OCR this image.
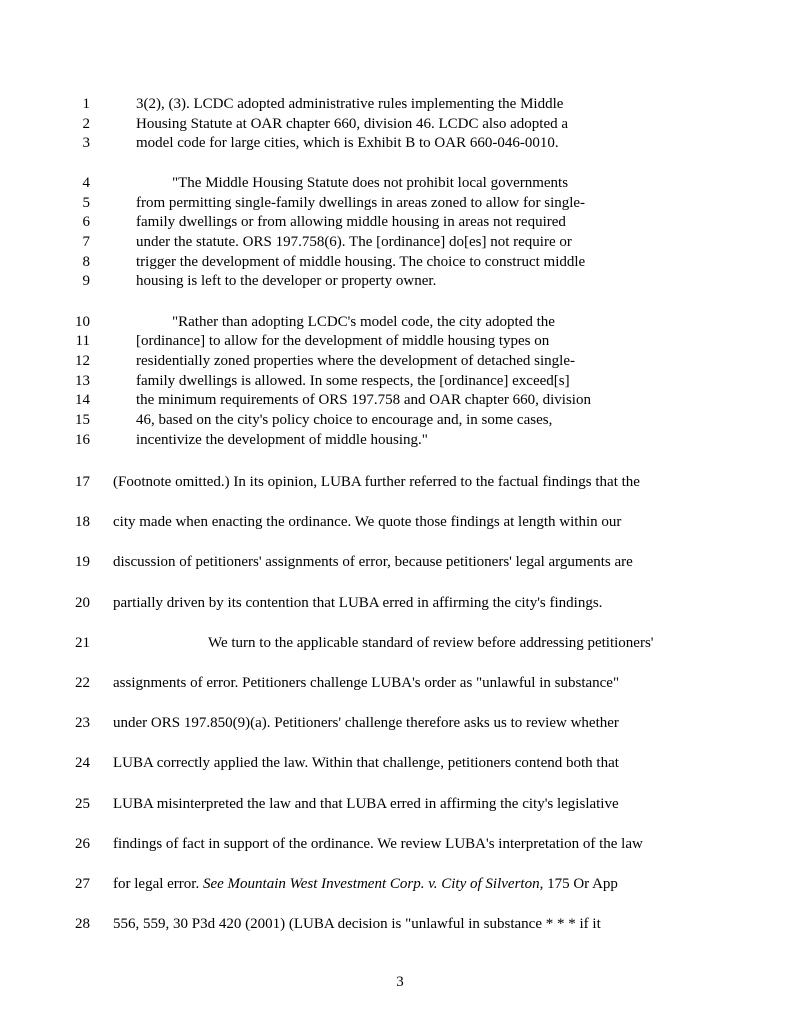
1	3(2), (3). LCDC adopted administrative rules implementing the Middle
2	Housing Statute at OAR chapter 660, division 46. LCDC also adopted a
3	model code for large cities, which is Exhibit B to OAR 660-046-0010.
4	"The Middle Housing Statute does not prohibit local governments
5	from permitting single-family dwellings in areas zoned to allow for single-
6	family dwellings or from allowing middle housing in areas not required
7	under the statute. ORS 197.758(6). The [ordinance] do[es] not require or
8	trigger the development of middle housing. The choice to construct middle
9	housing is left to the developer or property owner.
10	"Rather than adopting LCDC's model code, the city adopted the
11	[ordinance] to allow for the development of middle housing types on
12	residentially zoned properties where the development of detached single-
13	family dwellings is allowed. In some respects, the [ordinance] exceed[s]
14	the minimum requirements of ORS 197.758 and OAR chapter 660, division
15	46, based on the city's policy choice to encourage and, in some cases,
16	incentivize the development of middle housing."
17 (Footnote omitted.) In its opinion, LUBA further referred to the factual findings that the
18 city made when enacting the ordinance. We quote those findings at length within our
19 discussion of petitioners' assignments of error, because petitioners' legal arguments are
20 partially driven by its contention that LUBA erred in affirming the city's findings.
21	We turn to the applicable standard of review before addressing petitioners'
22 assignments of error. Petitioners challenge LUBA's order as "unlawful in substance"
23 under ORS 197.850(9)(a). Petitioners' challenge therefore asks us to review whether
24 LUBA correctly applied the law. Within that challenge, petitioners contend both that
25 LUBA misinterpreted the law and that LUBA erred in affirming the city's legislative
26 findings of fact in support of the ordinance. We review LUBA's interpretation of the law
27 for legal error. See Mountain West Investment Corp. v. City of Silverton, 175 Or App
28 556, 559, 30 P3d 420 (2001) (LUBA decision is "unlawful in substance * * * if it
3
